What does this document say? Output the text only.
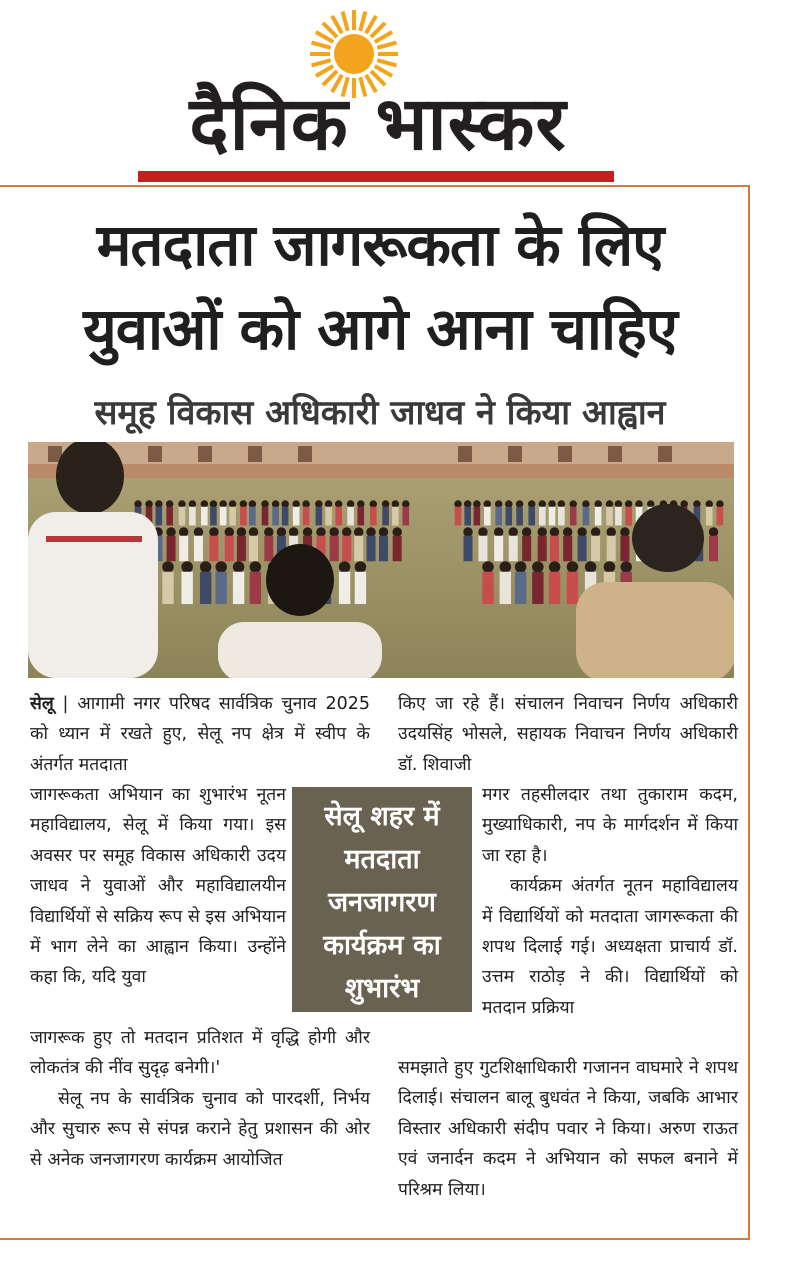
दैनिक भास्कर
मतदाता जागरूकता के लिए युवाओं को आगे आना चाहिए
समूह विकास अधिकारी जाधव ने किया आह्वान

सेलू | आगामी नगर परिषद सार्वत्रिक चुनाव 2025 को ध्यान में रखते हुए, सेलू नप क्षेत्र में स्वीप के अंतर्गत मतदाता

जागरूकता अभियान का शुभारंभ नूतन महाविद्यालय, सेलू में किया गया। इस अवसर पर समूह विकास अधिकारी उदय जाधव ने युवाओं और महाविद्यालयीन विद्यार्थियों से सक्रिय रूप से इस अभियान में भाग लेने का आह्वान किया। उन्होंने कहा कि, यदि युवा

जागरूक हुए तो मतदान प्रतिशत में वृद्धि होगी और लोकतंत्र की नींव सुदृढ़ बनेगी।'

सेलू नप के सार्वत्रिक चुनाव को पारदर्शी, निर्भय और सुचारु रूप से संपन्न कराने हेतु प्रशासन की ओर से अनेक जनजागरण कार्यक्रम आयोजित

सेलू शहर में मतदाता जनजागरण कार्यक्रम का शुभारंभ

किए जा रहे हैं। संचालन निवाचन निर्णय अधिकारी उदयसिंह भोसले, सहायक निवाचन निर्णय अधिकारी डॉ. शिवाजी

मगर तहसीलदार तथा तुकाराम कदम, मुख्याधिकारी, नप के मार्गदर्शन में किया जा रहा है।

कार्यक्रम अंतर्गत नूतन महाविद्यालय में विद्यार्थियों को मतदाता जागरूकता की शपथ दिलाई गई। अध्यक्षता प्राचार्य डॉ. उत्तम राठोड़ ने की। विद्यार्थियों को मतदान प्रक्रिया

समझाते हुए गुटशिक्षाधिकारी गजानन वाघमारे ने शपथ दिलाई। संचालन बालू बुधवंत ने किया, जबकि आभार विस्तार अधिकारी संदीप पवार ने किया। अरुण राऊत एवं जनार्दन कदम ने अभियान को सफल बनाने में परिश्रम लिया।
